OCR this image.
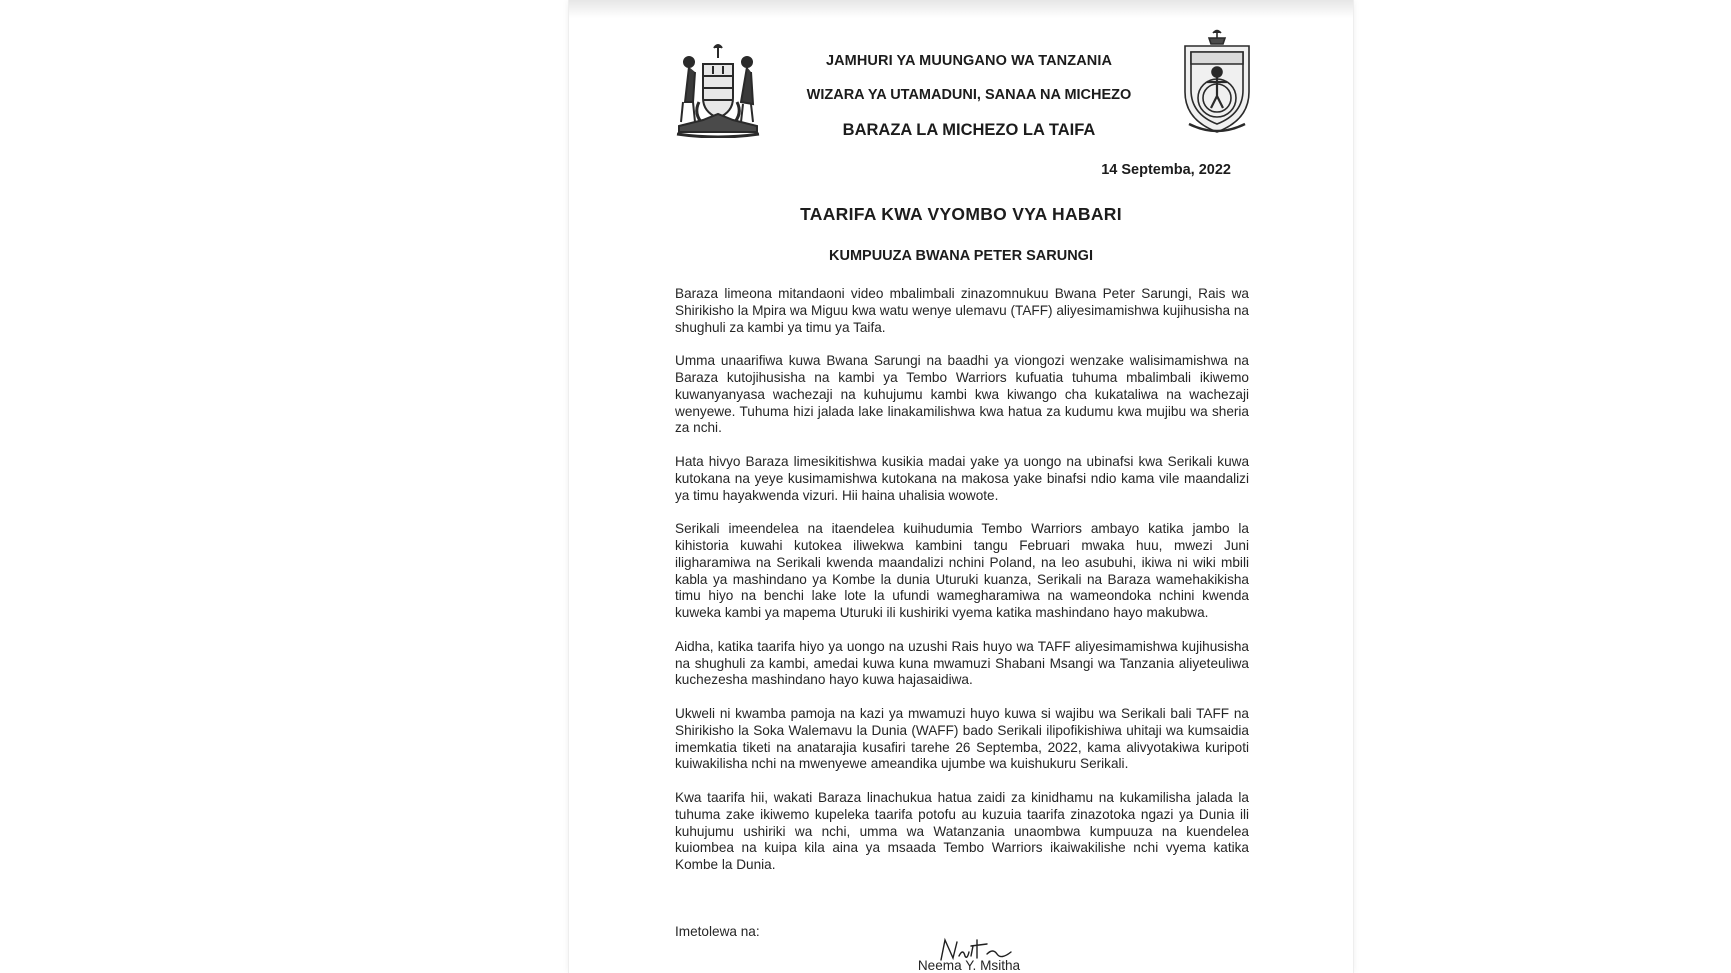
JAMHURI YA MUUNGANO WA TANZANIA
WIZARA YA UTAMADUNI, SANAA NA MICHEZO
BARAZA LA MICHEZO LA TAIFA
14 Septemba, 2022
TAARIFA KWA VYOMBO VYA HABARI
KUMPUUZA BWANA PETER SARUNGI

Baraza limeona mitandaoni video mbalimbali zinazomnukuu Bwana Peter Sarungi, Rais wa Shirikisho la Mpira wa Miguu kwa watu wenye ulemavu (TAFF) aliyesimamishwa kujihusisha na shughuli za kambi ya timu ya Taifa.

Umma unaarifiwa kuwa Bwana Sarungi na baadhi ya viongozi wenzake walisimamishwa na Baraza kutojihusisha na kambi ya Tembo Warriors kufuatia tuhuma mbalimbali ikiwemo kuwanyanyasa wachezaji na kuhujumu kambi kwa kiwango cha kukataliwa na wachezaji wenyewe. Tuhuma hizi jalada lake linakamilishwa kwa hatua za kudumu kwa mujibu wa sheria za nchi.

Hata hivyo Baraza limesikitishwa kusikia madai yake ya uongo na ubinafsi kwa Serikali kuwa kutokana na yeye kusimamishwa kutokana na makosa yake binafsi ndio kama vile maandalizi ya timu hayakwenda vizuri. Hii haina uhalisia wowote.

Serikali imeendelea na itaendelea kuihudumia Tembo Warriors ambayo katika jambo la kihistoria kuwahi kutokea iliwekwa kambini tangu Februari mwaka huu, mwezi Juni iligharamiwa na Serikali kwenda maandalizi nchini Poland, na leo asubuhi, ikiwa ni wiki mbili kabla ya mashindano ya Kombe la dunia Uturuki kuanza, Serikali na Baraza wamehakikisha timu hiyo na benchi lake lote la ufundi wamegharamiwa na wameondoka nchini kwenda kuweka kambi ya mapema Uturuki ili kushiriki vyema katika mashindano hayo makubwa.

Aidha, katika taarifa hiyo ya uongo na uzushi Rais huyo wa TAFF aliyesimamishwa kujihusisha na shughuli za kambi, amedai kuwa kuna mwamuzi Shabani Msangi wa Tanzania aliyeteuliwa kuchezesha mashindano hayo kuwa hajasaidiwa.

Ukweli ni kwamba pamoja na kazi ya mwamuzi huyo kuwa si wajibu wa Serikali bali TAFF na Shirikisho la Soka Walemavu la Dunia (WAFF) bado Serikali ilipofikishiwa uhitaji wa kumsaidia imemkatia tiketi na anatarajia kusafiri tarehe 26 Septemba, 2022, kama alivyotakiwa kuripoti kuiwakilisha nchi na mwenyewe ameandika ujumbe wa kuishukuru Serikali.

Kwa taarifa hii, wakati Baraza linachukua hatua zaidi za kinidhamu na kukamilisha jalada la tuhuma zake ikiwemo kupeleka taarifa potofu au kuzuia taarifa zinazotoka ngazi ya Dunia ili kuhujumu ushiriki wa nchi, umma wa Watanzania unaombwa kumpuuza na kuendelea kuiombea na kuipa kila aina ya msaada Tembo Warriors ikaiwakilishe nchi vyema katika Kombe la Dunia.

Imetolewa na:
Neema Y. Msitha
